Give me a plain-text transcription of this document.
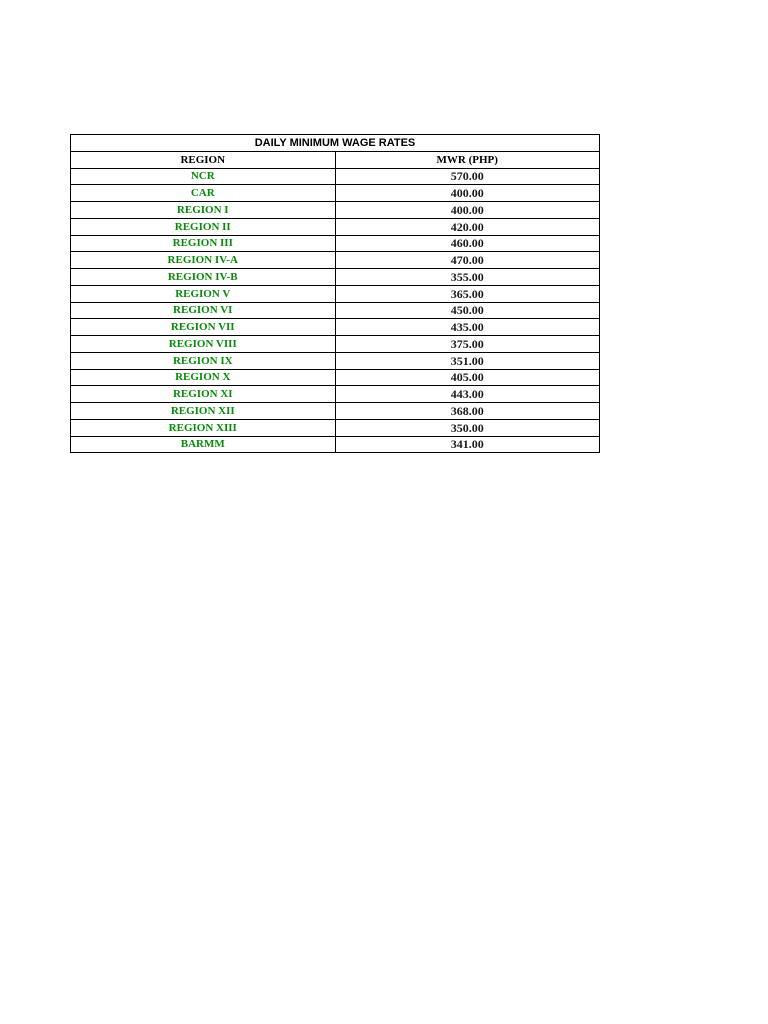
DAILY MINIMUM WAGE RATES	
REGION	MWR (PHP)
NCR	570.00
CAR	400.00
REGION I	400.00
REGION II	420.00
REGION III	460.00
REGION IV-A	470.00
REGION IV-B	355.00
REGION V	365.00
REGION VI	450.00
REGION VII	435.00
REGION VIII	375.00
REGION IX	351.00
REGION X	405.00
REGION XI	443.00
REGION XII	368.00
REGION XIII	350.00
BARMM	341.00
